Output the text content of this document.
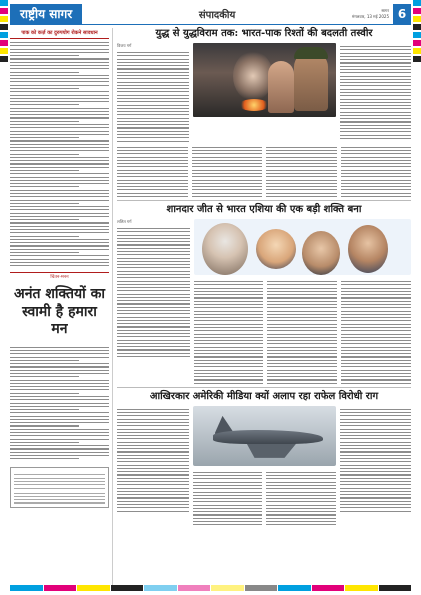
राष्ट्रीय सागर	संपादकीय	सागर
मंगलवार, 13 मई 2025 6
पाक को कर्ज़ का दुरुपयोग रोकने सावधान
चिंतन-मनन
अनंत शक्तियों का स्वामी है हमारा मन
युद्ध से युद्धविराम तक: भारत-पाक रिश्तों की बदलती तस्वीर
विजय गर्ग
शानदार जीत से भारत एशिया की एक बड़ी शक्ति बना
ललित गर्ग
आखिरकार अमेरिकी मीडिया क्यों अलाप रहा राफेल विरोधी राग
